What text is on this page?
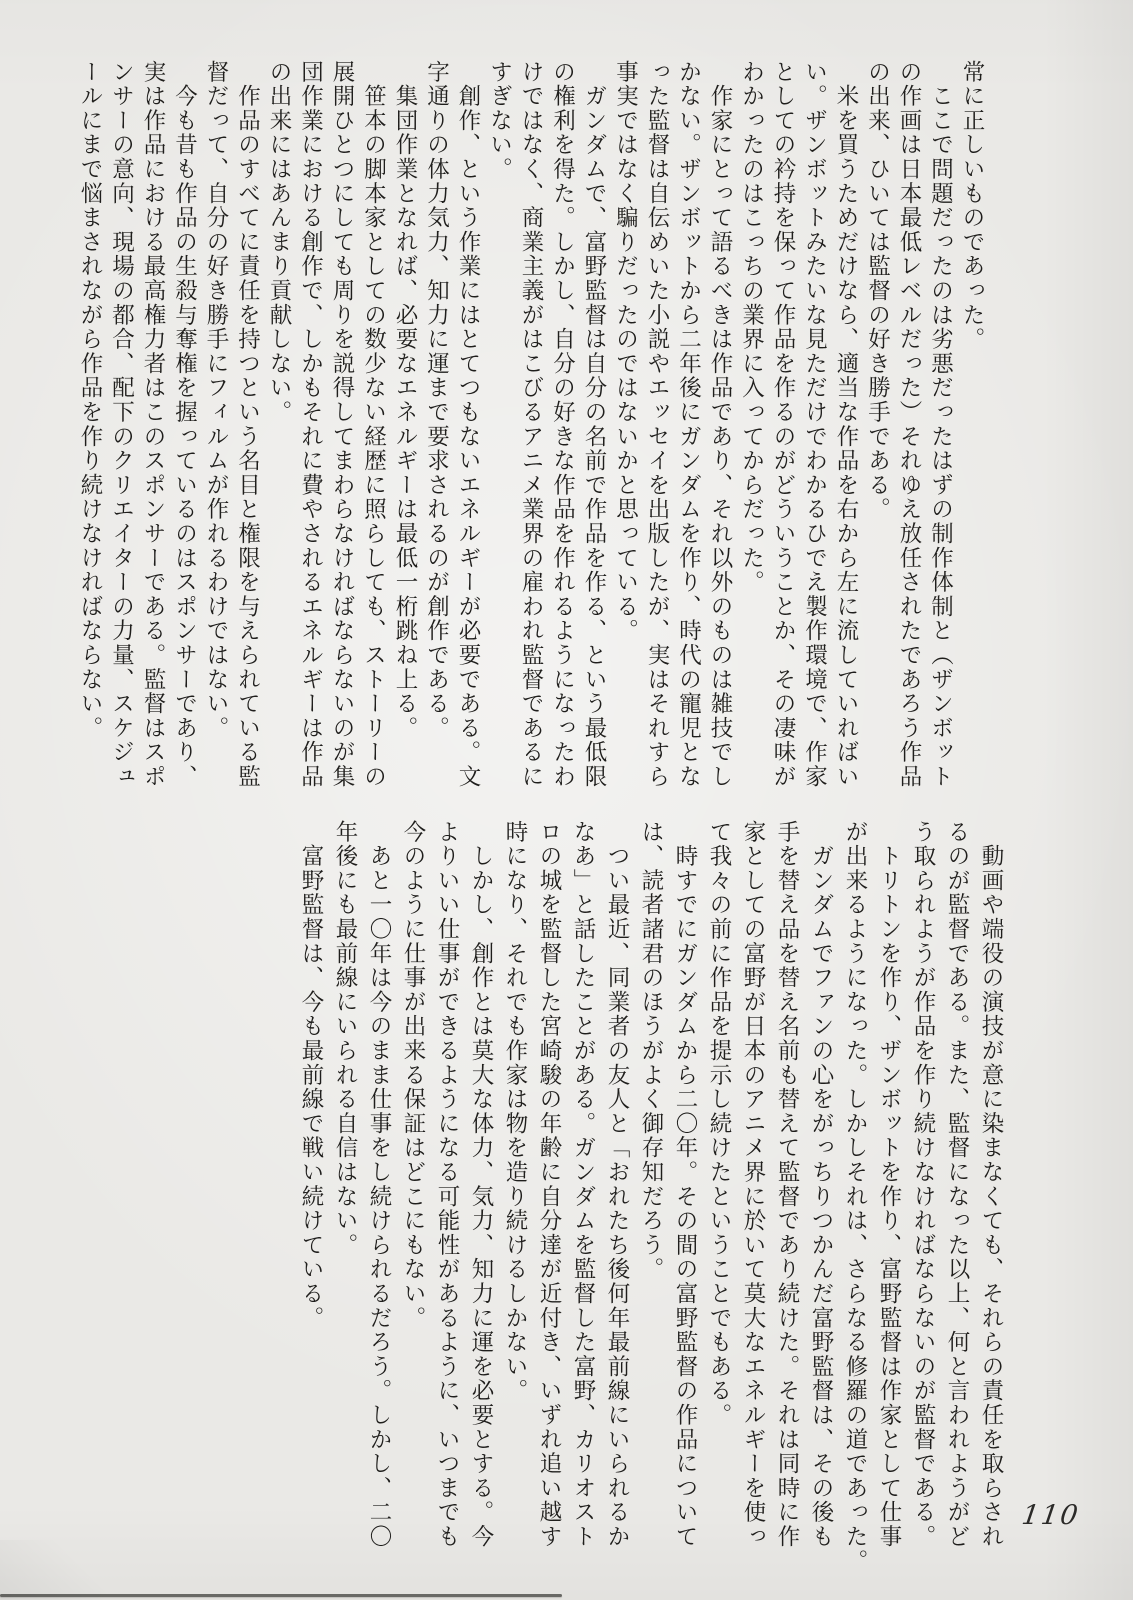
常に正しいものであった。
　ここで問題だったのは劣悪だったはずの制作体制と（ザンボット
の作画は日本最低レベルだった）それゆえ放任されたであろう作品
の出来、ひいては監督の好き勝手である。
　米を買うためだけなら、適当な作品を右から左に流していればい
い。ザンボットみたいな見ただけでわかるひでえ製作環境で、作家
としての衿持を保って作品を作るのがどういうことか、その凄味が
わかったのはこっちの業界に入ってからだった。
　作家にとって語るべきは作品であり、それ以外のものは雑技でし
かない。ザンボットから二年後にガンダムを作り、時代の寵児とな
った監督は自伝めいた小説やエッセイを出版したが、実はそれすら
事実ではなく騙りだったのではないかと思っている。
　ガンダムで、富野監督は自分の名前で作品を作る、という最低限
の権利を得た。しかし、自分の好きな作品を作れるようになったわ
けではなく、商業主義がはこびるアニメ業界の雇われ監督であるに
すぎない。
　創作、という作業にはとてつもないエネルギーが必要である。文
字通りの体力気力、知力に運まで要求されるのが創作である。
　集団作業となれば、必要なエネルギーは最低一桁跳ね上る。
　笹本の脚本家としての数少ない経歴に照らしても、ストーリーの
展開ひとつにしても周りを説得してまわらなければならないのが集
団作業における創作で、しかもそれに費やされるエネルギーは作品
の出来にはあんまり貢献しない。
　作品のすべてに責任を持つという名目と権限を与えられている監
督だって、自分の好き勝手にフィルムが作れるわけではない。
　今も昔も作品の生殺与奪権を握っているのはスポンサーであり、
実は作品における最高権力者はこのスポンサーである。監督はスポ
ンサーの意向、現場の都合、配下のクリエイターの力量、スケジュ
ールにまで悩まされながら作品を作り続けなければならない。
　動画や端役の演技が意に染まなくても、それらの責任を取らされ
るのが監督である。また、監督になった以上、何と言われようがど
う取られようが作品を作り続けなければならないのが監督である。
　トリトンを作り、ザンボットを作り、富野監督は作家として仕事
が出来るようになった。しかしそれは、さらなる修羅の道であった。
　ガンダムでファンの心をがっちりつかんだ富野監督は、その後も
手を替え品を替え名前も替えて監督であり続けた。それは同時に作
家としての富野が日本のアニメ界に於いて莫大なエネルギーを使っ
て我々の前に作品を提示し続けたということでもある。
　時すでにガンダムから二〇年。その間の富野監督の作品について
は、読者諸君のほうがよく御存知だろう。
　つい最近、同業者の友人と「おれたち後何年最前線にいられるか
なあ」と話したことがある。ガンダムを監督した富野、カリオスト
ロの城を監督した宮崎駿の年齢に自分達が近付き、いずれ追い越す
時になり、それでも作家は物を造り続けるしかない。
　しかし、創作とは莫大な体力、気力、知力に運を必要とする。今
よりいい仕事ができるようになる可能性があるように、いつまでも
今のように仕事が出来る保証はどこにもない。
　あと一〇年は今のまま仕事をし続けられるだろう。しかし、二〇
年後にも最前線にいられる自信はない。
　富野監督は、今も最前線で戦い続けている。
110
